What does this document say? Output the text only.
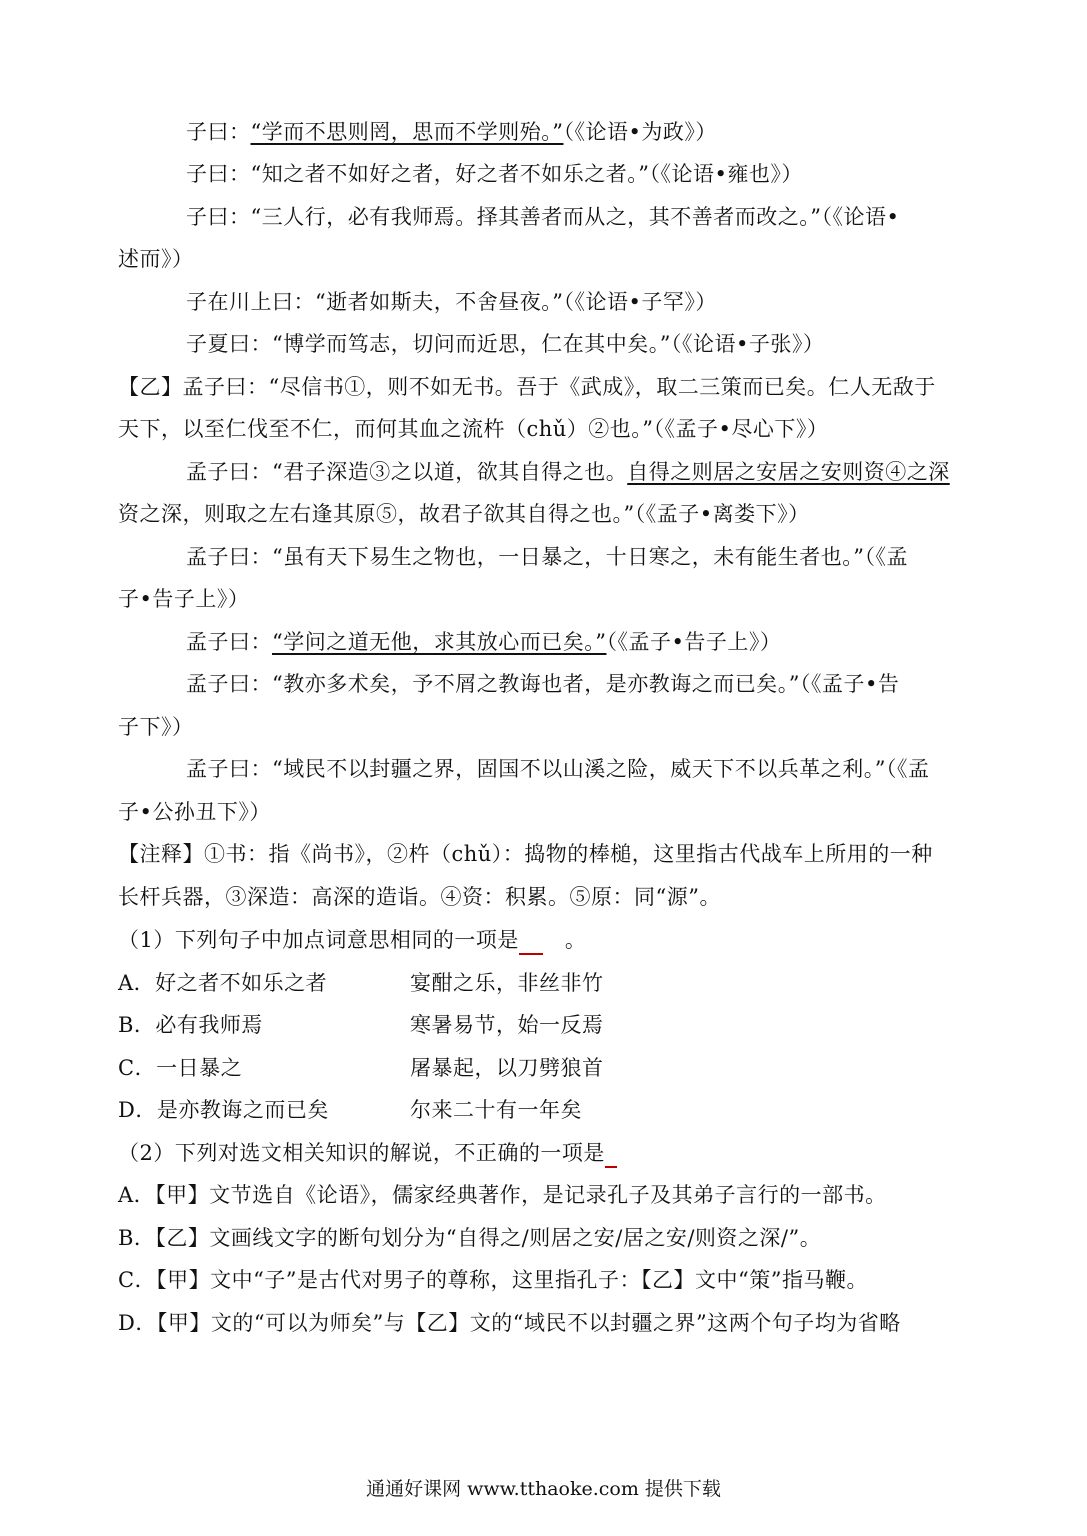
子曰：“学而不思则罔，思而不学则殆。”（《论语•为政》）
子曰：“知之者不如好之者，好之者不如乐之者。”（《论语•雍也》）
子曰：“三人行，必有我师焉。择其善者而从之，其不善者而改之。”（《论语•
述而》）
子在川上曰：“逝者如斯夫，不舍昼夜。”（《论语•子罕》）
子夏曰：“博学而笃志，切问而近思，仁在其中矣。”（《论语•子张》）
【乙】孟子曰：“尽信书①，则不如无书。吾于《武成》，取二三策而已矣。仁人无敌于
天下，以至仁伐至不仁，而何其血之流杵（chǔ）②也。”（《孟子•尽心下》）
孟子曰：“君子深造③之以道，欲其自得之也。自得之则居之安居之安则资④之深
资之深，则取之左右逢其原⑤，故君子欲其自得之也。”（《孟子•离娄下》）
孟子曰：“虽有天下易生之物也，一日暴之，十日寒之，未有能生者也。”（《孟
子•告子上》）
孟子曰：“学问之道无他，求其放心而已矣。”（《孟子•告子上》）
孟子曰：“教亦多术矣，予不屑之教诲也者，是亦教诲之而已矣。”（《孟子•告
子下》）
孟子曰：“域民不以封疆之界，固国不以山溪之险，威天下不以兵革之利。”（《孟
子•公孙丑下》）
【注释】①书：指《尚书》，②杵（chǔ）：捣物的棒槌，这里指古代战车上所用的一种
长杆兵器，③深造：高深的造诣。④资：积累。⑤原：同“源”。
（1）下列句子中加点词意思相同的一项是 。
A．好之者不如乐之者	宴酣之乐，非丝非竹
B．必有我师焉	寒暑易节，始一反焉
C．一日暴之	屠暴起，以刀劈狼首
D．是亦教诲之而已矣	尔来二十有一年矣
（2）下列对选文相关知识的解说，不正确的一项是
A．【甲】文节选自《论语》，儒家经典著作，是记录孔子及其弟子言行的一部书。
B．【乙】文画线文字的断句划分为“自得之/则居之安/居之安/则资之深/”。
C．【甲】文中“子”是古代对男子的尊称，这里指孔子：【乙】文中“策”指马鞭。
D．【甲】文的“可以为师矣”与【乙】文的“域民不以封疆之界”这两个句子均为省略
通通好课网 www.tthaoke.com 提供下载
